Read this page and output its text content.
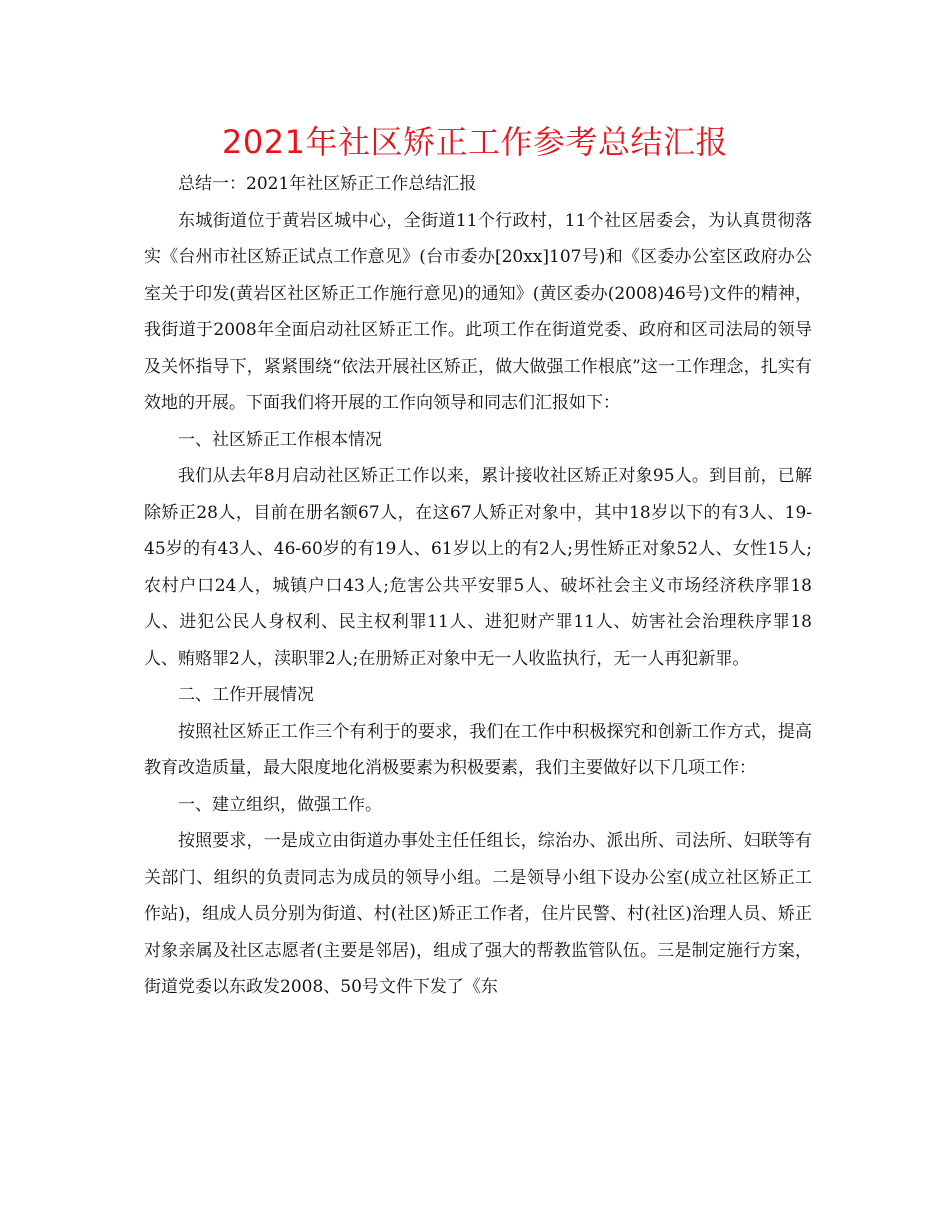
2021年社区矫正工作参考总结汇报

总结一：2021年社区矫正工作总结汇报

东城街道位于黄岩区城中心，全街道11个行政村，11个社区居委会，为认真贯彻落实《台州市社区矫正试点工作意见》(台市委办[20xx]107号)和《区委办公室区政府办公室关于印发(黄岩区社区矫正工作施行意见)的通知》(黄区委办(2008)46号)文件的精神，我街道于2008年全面启动社区矫正工作。此项工作在街道党委、政府和区司法局的领导及关怀指导下，紧紧围绕“依法开展社区矫正，做大做强工作根底”这一工作理念，扎实有效地的开展。下面我们将开展的工作向领导和同志们汇报如下：

一、社区矫正工作根本情况

我们从去年8月启动社区矫正工作以来，累计接收社区矫正对象95人。到目前，已解除矫正28人，目前在册名额67人，在这67人矫正对象中，其中18岁以下的有3人、19-45岁的有43人、46-60岁的有19人、61岁以上的有2人;男性矫正对象52人、女性15人;农村户口24人，城镇户口43人;危害公共平安罪5人、破坏社会主义市场经济秩序罪18人、进犯公民人身权利、民主权利罪11人、进犯财产罪11人、妨害社会治理秩序罪18人、贿赂罪2人，渎职罪2人;在册矫正对象中无一人收监执行，无一人再犯新罪。

二、工作开展情况

按照社区矫正工作三个有利于的要求，我们在工作中积极探究和创新工作方式，提高教育改造质量，最大限度地化消极要素为积极要素，我们主要做好以下几项工作：

一、建立组织，做强工作。

按照要求，一是成立由街道办事处主任任组长，综治办、派出所、司法所、妇联等有关部门、组织的负责同志为成员的领导小组。二是领导小组下设办公室(成立社区矫正工作站)，组成人员分别为街道、村(社区)矫正工作者，住片民警、村(社区)治理人员、矫正对象亲属及社区志愿者(主要是邻居)，组成了强大的帮教监管队伍。三是制定施行方案，街道党委以东政发2008、50号文件下发了《东
